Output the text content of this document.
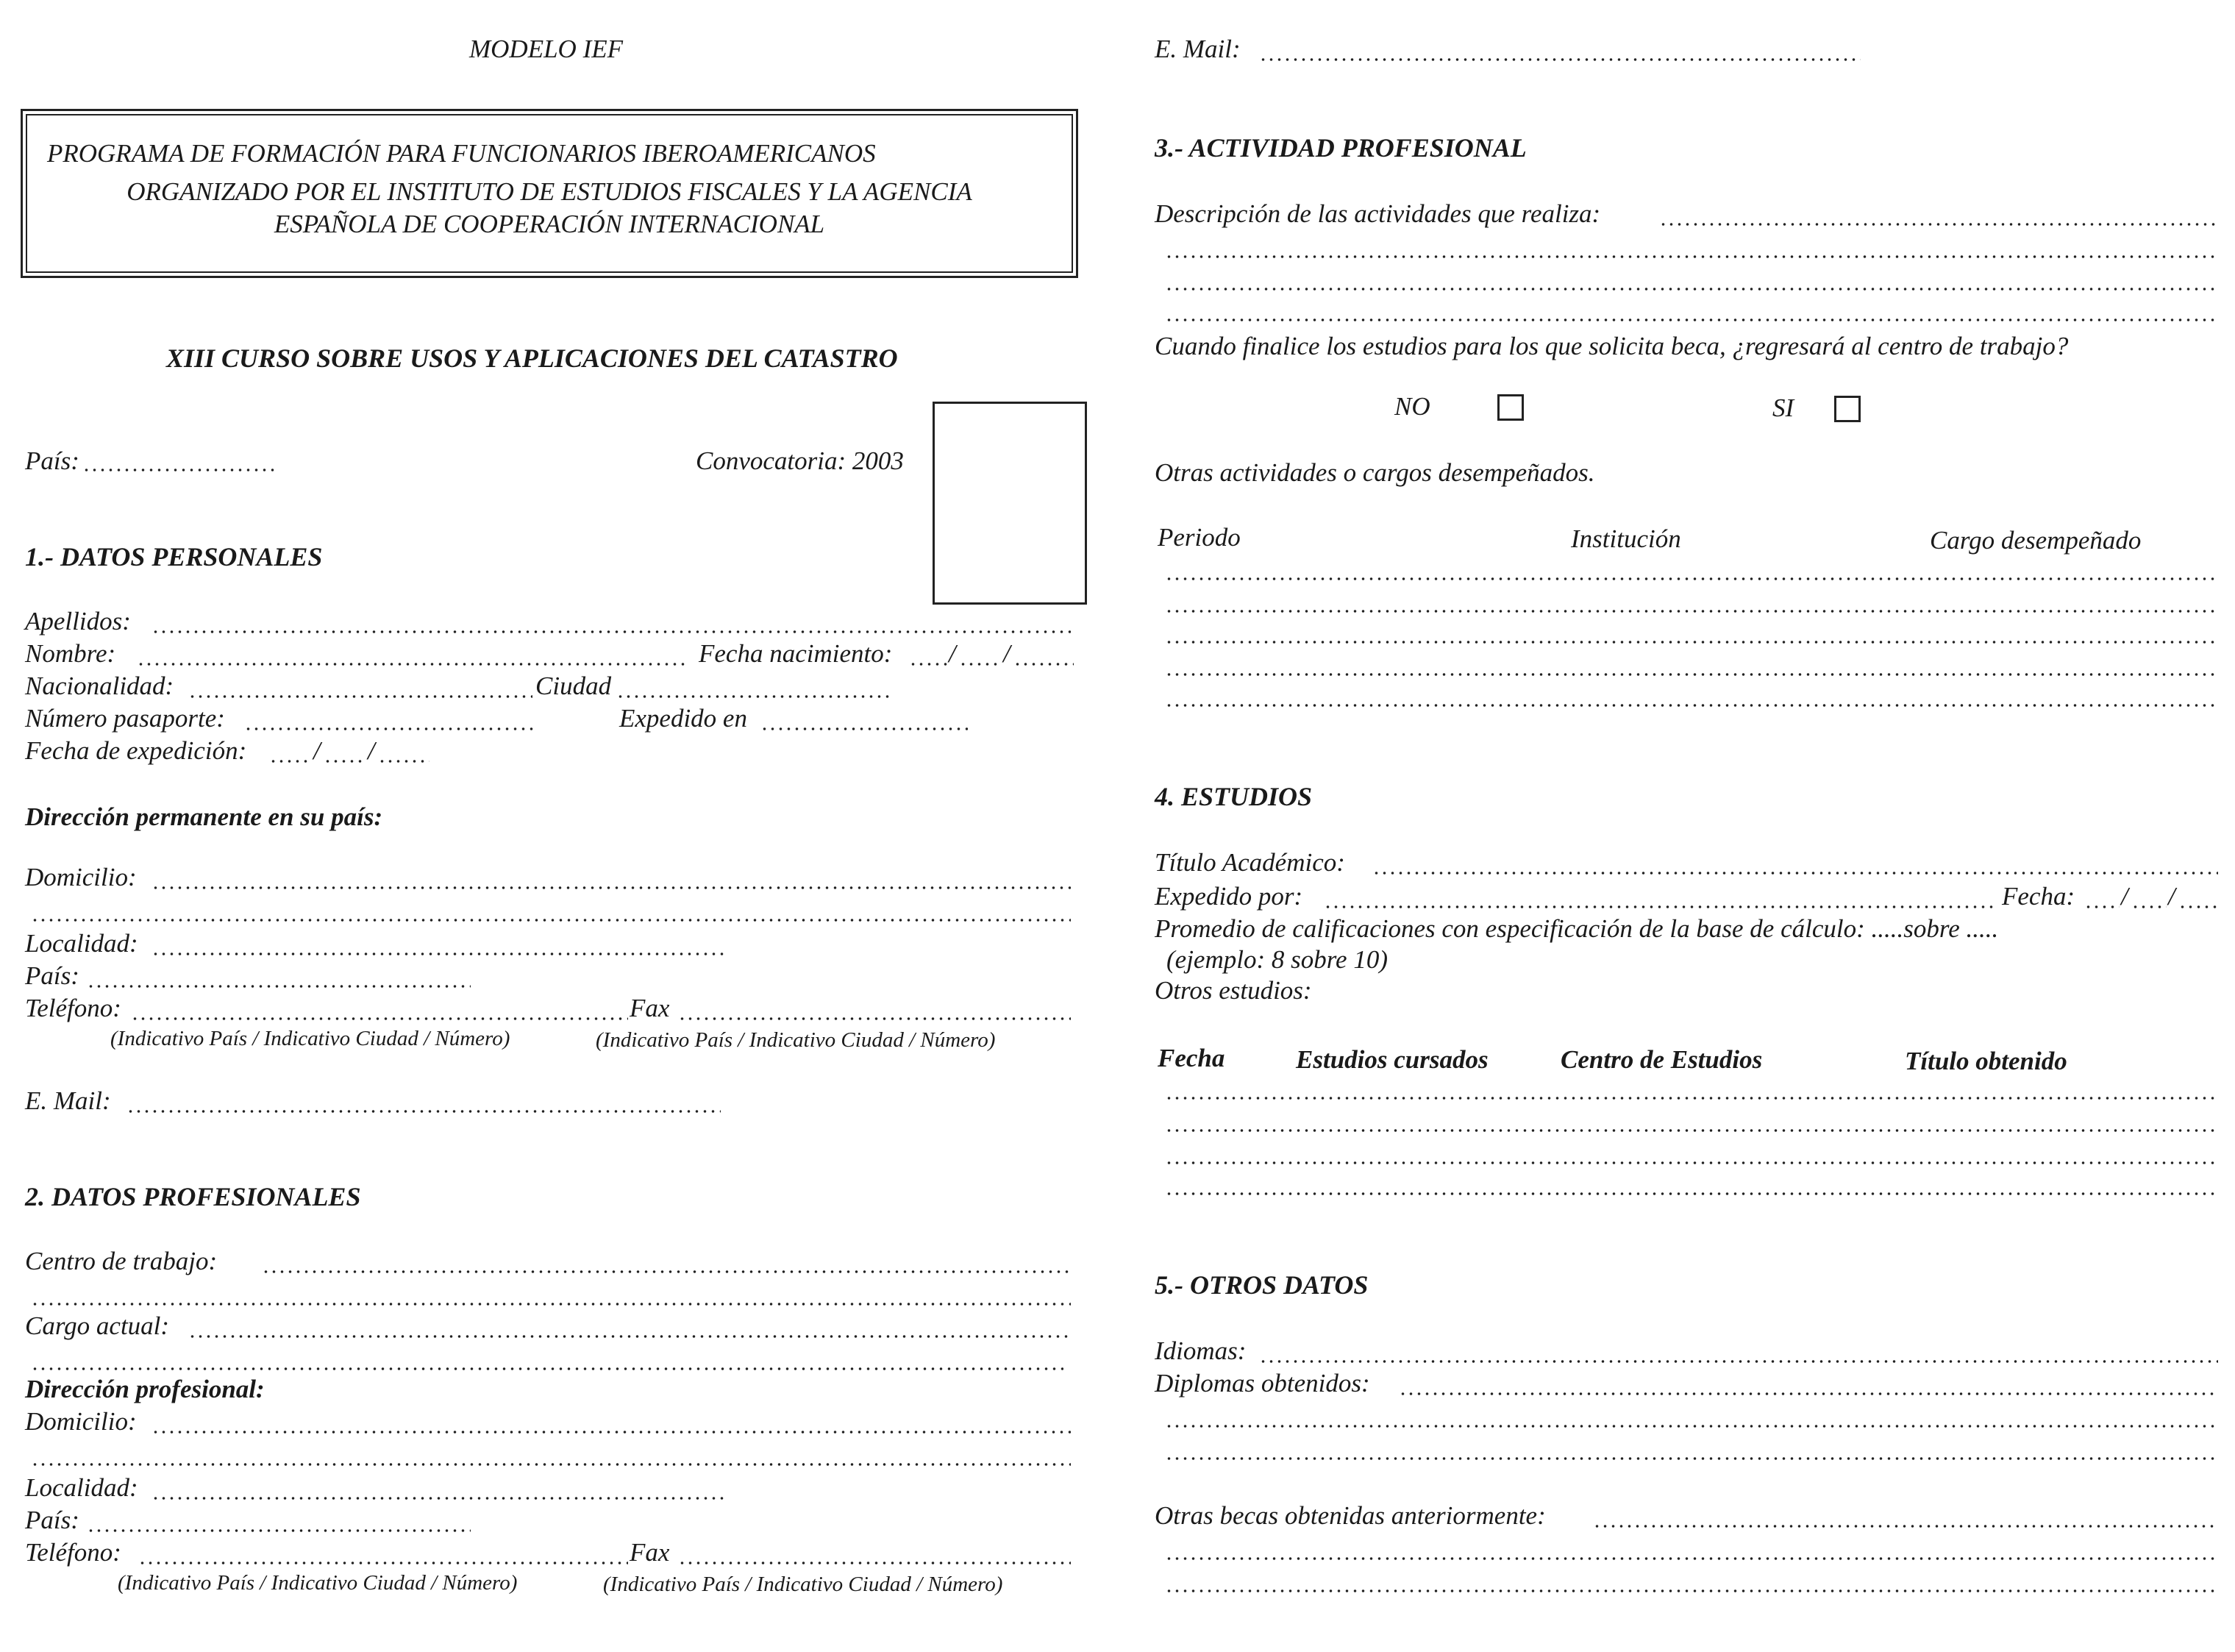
MODELO IEF
PROGRAMA DE FORMACIÓN PARA FUNCIONARIOS IBEROAMERICANOS
ORGANIZADO POR EL INSTITUTO DE ESTUDIOS FISCALES Y LA AGENCIA
ESPAÑOLA DE COOPERACIÓN INTERNACIONAL
XIII CURSO SOBRE USOS Y APLICACIONES DEL CATASTRO
País:	Convocatoria: 2003
1.- DATOS PERSONALES
Apellidos:
Nombre:	Fecha nacimiento: / /
Nacionalidad:	Ciudad
Número pasaporte:	Expedido en
Fecha de expedición:	/ /
Dirección permanente en su país:
Domicilio:
Localidad:
País:
Teléfono:	Fax
(Indicativo País / Indicativo Ciudad / Número)	(Indicativo País / Indicativo Ciudad / Número)
E. Mail:
2. DATOS PROFESIONALES
Centro de trabajo:
Cargo actual:
Dirección profesional:
Domicilio:
Localidad:
País:
Teléfono:	Fax
(Indicativo País / Indicativo Ciudad / Número)	(Indicativo País / Indicativo Ciudad / Número)
E. Mail:
3.- ACTIVIDAD PROFESIONAL
Descripción de las actividades que realiza:
Cuando finalice los estudios para los que solicita beca, ¿regresará al centro de trabajo?
NO	SI
Otras actividades o cargos desempeñados.
Periodo	Institución	Cargo desempeñado
4. ESTUDIOS
Título Académico:
Expedido por:	Fecha: / /
Promedio de calificaciones con especificación de la base de cálculo: .....sobre .....
(ejemplo: 8 sobre 10)
Otros estudios:
Fecha	Estudios cursados	Centro de Estudios	Título obtenido
5.- OTROS DATOS
Idiomas:
Diplomas obtenidos:
Otras becas obtenidas anteriormente:
